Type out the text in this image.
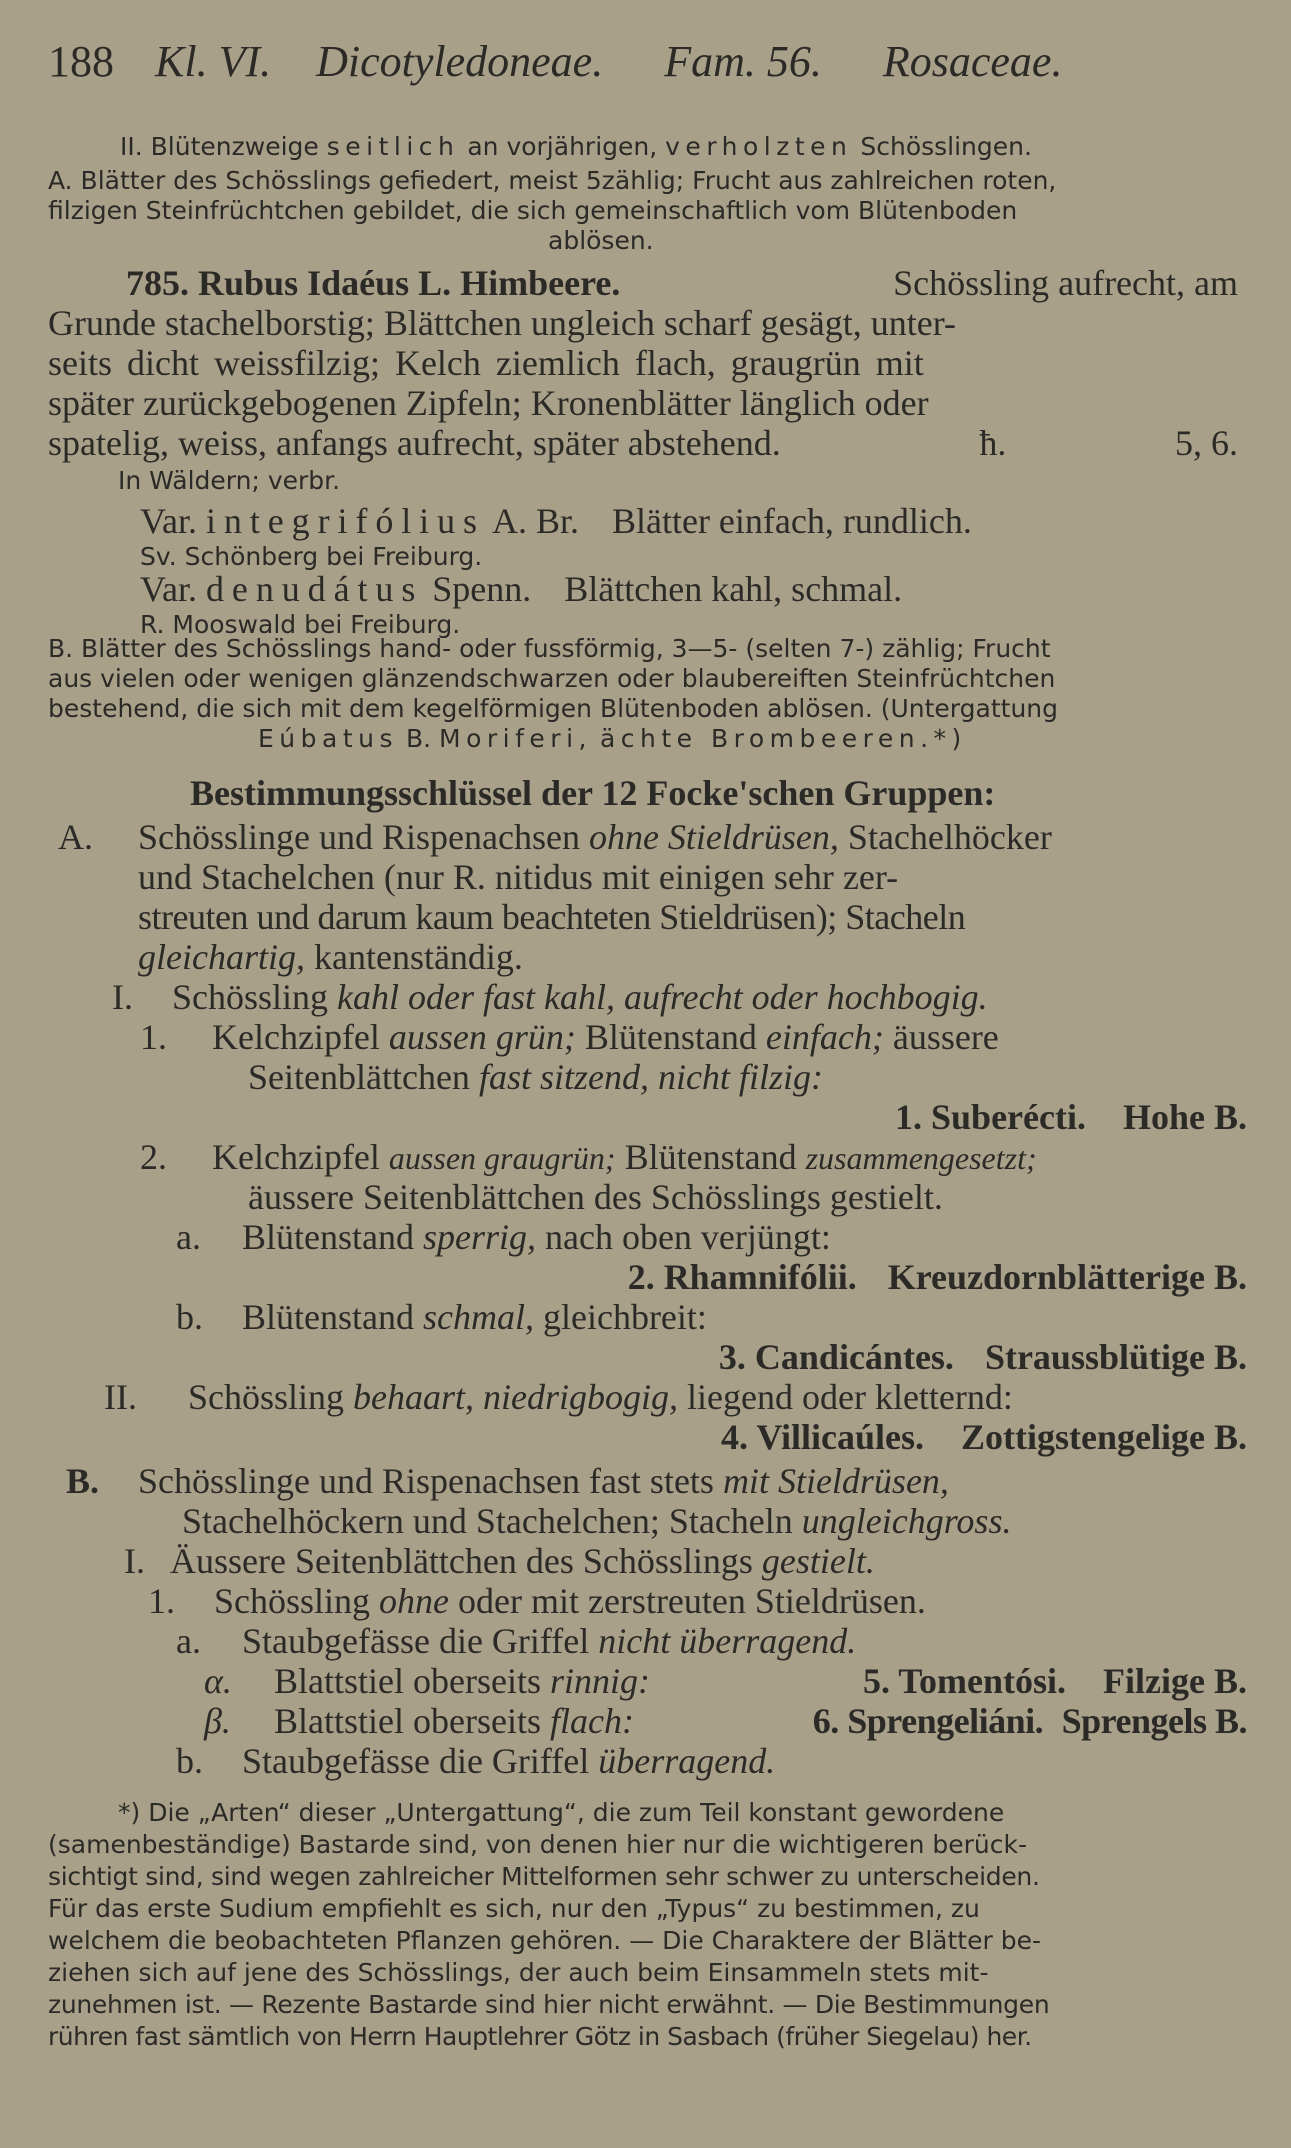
188 Kl. VI. Dicotyledoneae. Fam. 56. Rosaceae.
II. Blütenzweige seitlich an vorjährigen, verholzten Schösslingen.
A. Blätter des Schösslings gefiedert, meist 5zählig; Frucht aus zahlreichen roten,
filzigen Steinfrüchtchen gebildet, die sich gemeinschaftlich vom Blütenboden
ablösen.
785. Rubus Idaéus L. Himbeere.	Schössling aufrecht, am
Grunde stachelborstig; Blättchen ungleich scharf gesägt, unter-
seits dicht weissfilzig; Kelch ziemlich flach, graugrün mit
später zurückgebogenen Zipfeln; Kronenblätter länglich oder
spatelig, weiss, anfangs aufrecht, später abstehend.	ħ.	5, 6.
In Wäldern; verbr.
Var. integrifólius A. Br. Blätter einfach, rundlich.
Sv. Schönberg bei Freiburg.
Var. denudátus Spenn. Blättchen kahl, schmal.
R. Mooswald bei Freiburg.
B. Blätter des Schösslings hand- oder fussförmig, 3—5- (selten 7-) zählig; Frucht
aus vielen oder wenigen glänzendschwarzen oder blaubereiften Steinfrüchtchen
bestehend, die sich mit dem kegelförmigen Blütenboden ablösen. (Untergattung
Eúbatus B. Moriferi, ächte Brombeeren.*)
Bestimmungsschlüssel der 12 Focke'schen Gruppen:
A. Schösslinge und Rispenachsen ohne Stieldrüsen, Stachelhöcker
und Stachelchen (nur R. nitidus mit einigen sehr zer-
streuten und darum kaum beachteten Stieldrüsen); Stacheln
gleichartig, kantenständig.
I. Schössling kahl oder fast kahl, aufrecht oder hochbogig.
1. Kelchzipfel aussen grün; Blütenstand einfach; äussere
Seitenblättchen fast sitzend, nicht filzig:
1. Suberécti. Hohe B.
2. Kelchzipfel aussen graugrün; Blütenstand zusammengesetzt;
äussere Seitenblättchen des Schösslings gestielt.
a. Blütenstand sperrig, nach oben verjüngt:
2. Rhamnifólii. Kreuzdornblätterige B.
b. Blütenstand schmal, gleichbreit:
3. Candicántes. Straussblütige B.
II. Schössling behaart, niedrigbogig, liegend oder kletternd:
4. Villicaúles. Zottigstengelige B.
B. Schösslinge und Rispenachsen fast stets mit Stieldrüsen,
Stachelhöckern und Stachelchen; Stacheln ungleichgross.
I. Äussere Seitenblättchen des Schösslings gestielt.
1. Schössling ohne oder mit zerstreuten Stieldrüsen.
a. Staubgefässe die Griffel nicht überragend.
α. Blattstiel oberseits rinnig:	5. Tomentósi. Filzige B.
β. Blattstiel oberseits flach:	6. Sprengeliáni. Sprengels B.
b. Staubgefässe die Griffel überragend.
*) Die „Arten“ dieser „Untergattung“, die zum Teil konstant gewordene
(samenbeständige) Bastarde sind, von denen hier nur die wichtigeren berück-
sichtigt sind, sind wegen zahlreicher Mittelformen sehr schwer zu unterscheiden.
Für das erste Sudium empfiehlt es sich, nur den „Typus“ zu bestimmen, zu
welchem die beobachteten Pflanzen gehören. — Die Charaktere der Blätter be-
ziehen sich auf jene des Schösslings, der auch beim Einsammeln stets mit-
zunehmen ist. — Rezente Bastarde sind hier nicht erwähnt. — Die Bestimmungen
rühren fast sämtlich von Herrn Hauptlehrer Götz in Sasbach (früher Siegelau) her.
